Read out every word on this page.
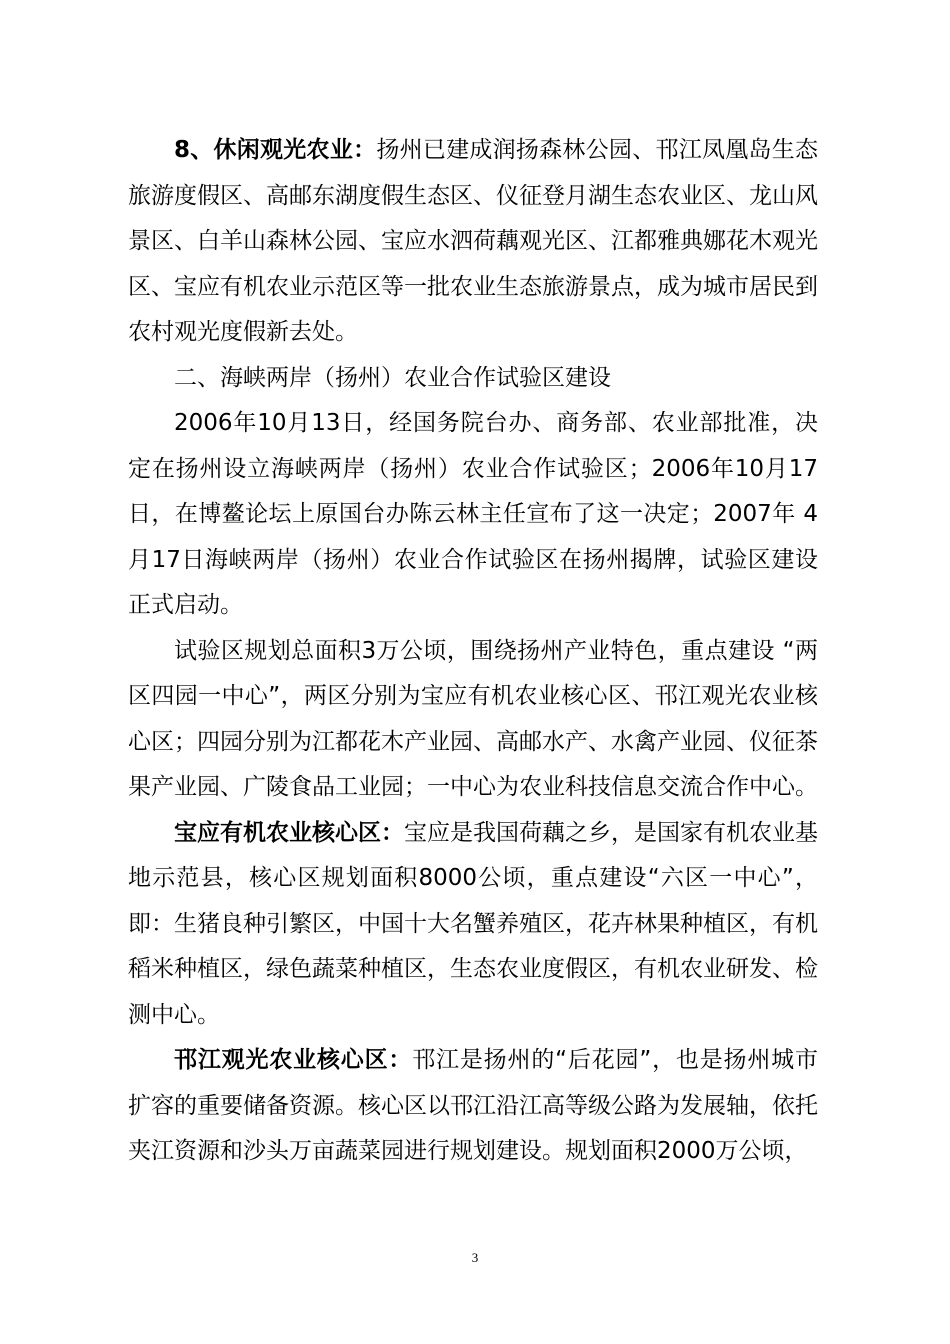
8、休闲观光农业：扬州已建成润扬森林公园、邗江凤凰岛生态旅游度假区、高邮东湖度假生态区、仪征登月湖生态农业区、龙山风景区、白羊山森林公园、宝应水泗荷藕观光区、江都雅典娜花木观光区、宝应有机农业示范区等一批农业生态旅游景点，成为城市居民到农村观光度假新去处。

二、海峡两岸（扬州）农业合作试验区建设

2006年10月13日，经国务院台办、商务部、农业部批准，决定在扬州设立海峡两岸（扬州）农业合作试验区；2006年10月17日，在博鳌论坛上原国台办陈云林主任宣布了这一决定；2007年 4月17日海峡两岸（扬州）农业合作试验区在扬州揭牌，试验区建设正式启动。

试验区规划总面积3万公顷，围绕扬州产业特色，重点建设 “两区四园一中心”，两区分别为宝应有机农业核心区、邗江观光农业核心区；四园分别为江都花木产业园、高邮水产、水禽产业园、仪征茶果产业园、广陵食品工业园；一中心为农业科技信息交流合作中心。

宝应有机农业核心区：宝应是我国荷藕之乡，是国家有机农业基地示范县，核心区规划面积8000公顷，重点建设“六区一中心”，即：生猪良种引繁区，中国十大名蟹养殖区，花卉林果种植区，有机稻米种植区，绿色蔬菜种植区，生态农业度假区，有机农业研发、检测中心。

邗江观光农业核心区：邗江是扬州的“后花园”，也是扬州城市扩容的重要储备资源。核心区以邗江沿江高等级公路为发展轴，依托夹江资源和沙头万亩蔬菜园进行规划建设。规划面积2000万公顷，

3
